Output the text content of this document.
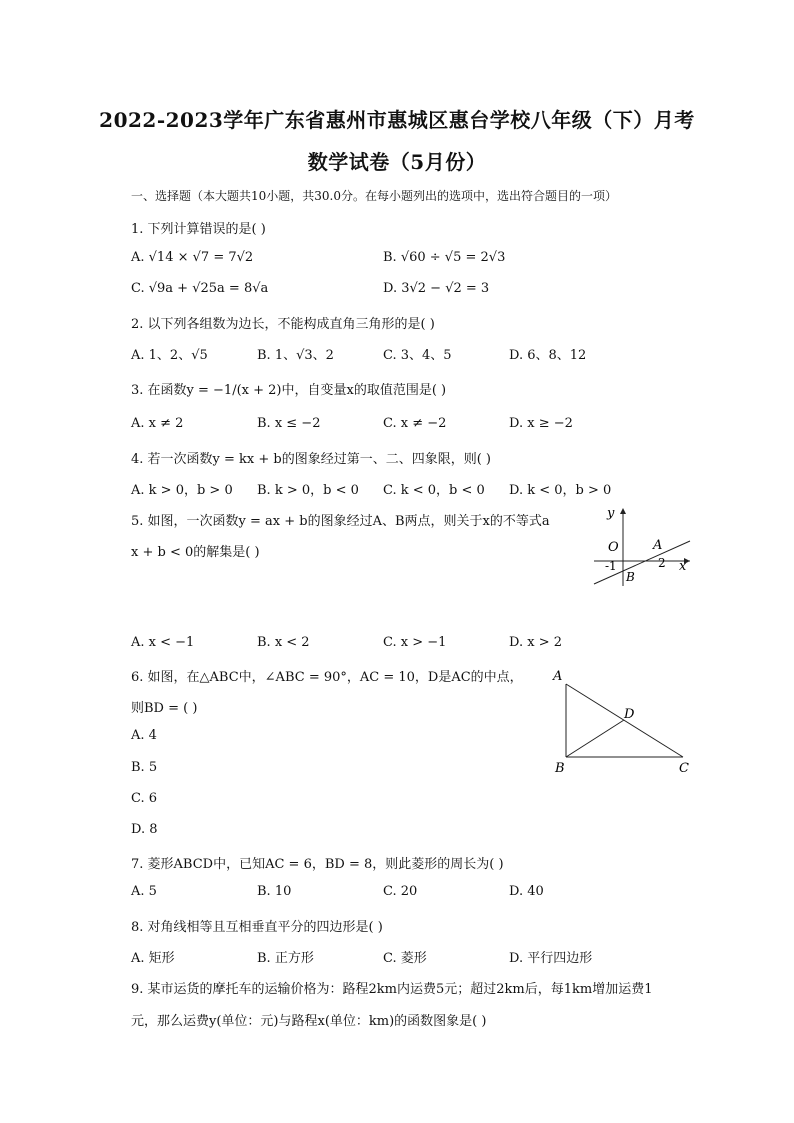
2022-2023学年广东省惠州市惠城区惠台学校八年级（下）月考
数学试卷（5月份）
一、选择题（本大题共10小题，共30.0分。在每小题列出的选项中，选出符合题目的一项）
1. 下列计算错误的是( )
A. √14 × √7 = 7√2	B. √60 ÷ √5 = 2√3
C. √9a + √25a = 8√a	D. 3√2 − √2 = 3
2. 以下列各组数为边长，不能构成直角三角形的是( )
A. 1、2、√5	B. 1、√3、2	C. 3、4、5	D. 6、8、12
3. 在函数y = −1/(x + 2)中，自变量x的取值范围是( )
A. x ≠ 2	B. x ≤ −2	C. x ≠ −2	D. x ≥ −2
4. 若一次函数y = kx + b的图象经过第一、二、四象限，则( )
A. k > 0，b > 0 B. k > 0，b < 0 C. k < 0，b < 0 D. k < 0，b > 0
5. 如图，一次函数y = ax + b的图象经过A、B两点，则关于x的不等式a
x + b < 0的解集是( )
y
O	A
B
-1	2 x
A. x < −1	B. x < 2	C. x > −1	D. x > 2
6. 如图，在△ABC中，∠ABC = 90°，AC = 10，D是AC的中点，
则BD = ( )
A
B	C
D
A. 4
B. 5
C. 6
D. 8
7. 菱形ABCD中，已知AC = 6，BD = 8，则此菱形的周长为( )
A. 5	B. 10	C. 20	D. 40
8. 对角线相等且互相垂直平分的四边形是( )
A. 矩形	B. 正方形	C. 菱形	D. 平行四边形
9. 某市运货的摩托车的运输价格为：路程2km内运费5元；超过2km后，每1km增加运费1
元，那么运费y(单位：元)与路程x(单位：km)的函数图象是( )
